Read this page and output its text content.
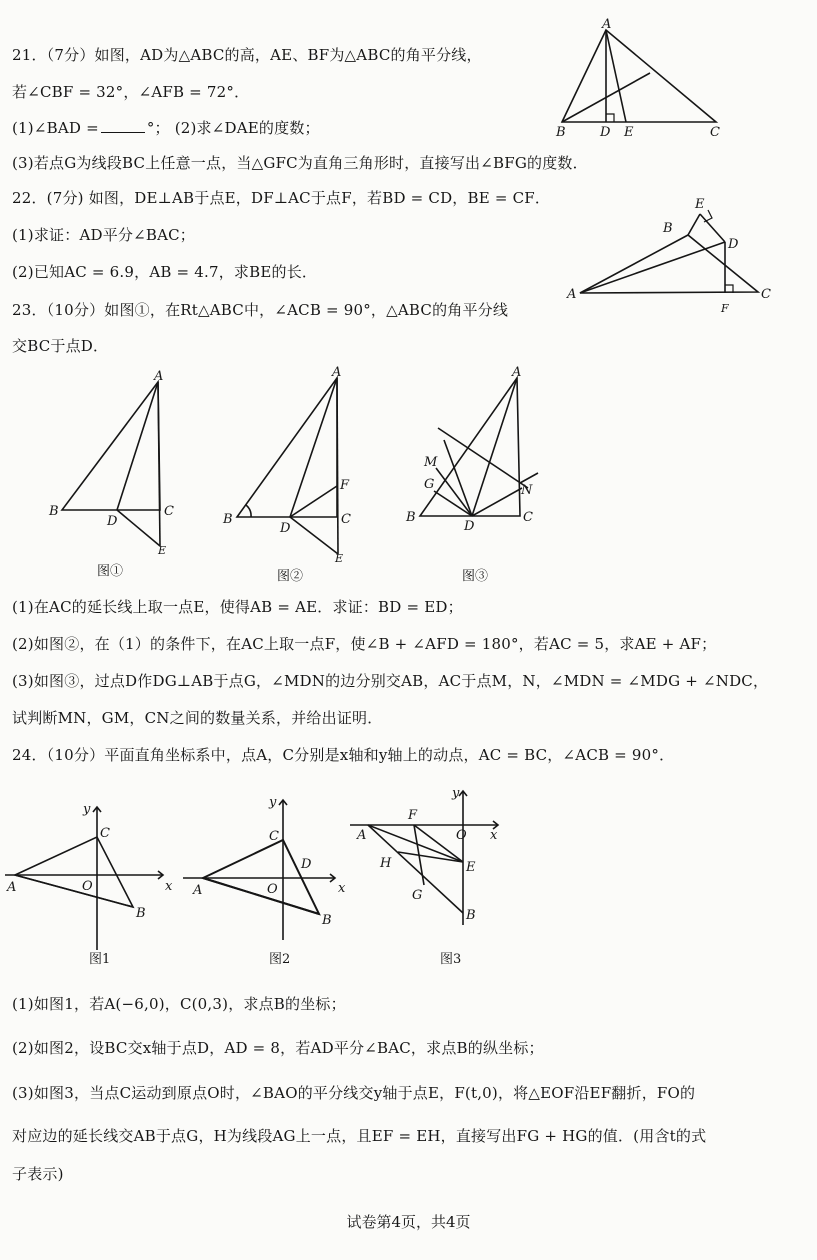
21．（7分）如图，AD为△ABC的高，AE、BF为△ABC的角平分线，
若∠CBF = 32°，∠AFB = 72°．
(1)∠BAD =	°； (2)求∠DAE的度数；
(3)若点G为线段BC上任意一点，当△GFC为直角三角形时，直接写出∠BFG的度数．
A
B	D E	C
22．(7分) 如图，DE⊥AB于点E，DF⊥AC于点F，若BD = CD，BE = CF．
(1)求证：AD平分∠BAC；
(2)已知AC = 6.9，AB = 4.7，求BE的长．
E
B
D
A	C
F
23．（10分）如图①，在Rt△ABC中，∠ACB = 90°，△ABC的角平分线
交BC于点D．
A
B
D
C
E
图①
A
F
B
D
C
E
图②
A
M
G	N
B
D
C
图③
(1)在AC的延长线上取一点E，使得AB = AE．求证：BD = ED；
(2)如图②，在（1）的条件下，在AC上取一点F，使∠B + ∠AFD = 180°，若AC = 5，求AE + AF；
(3)如图③，过点D作DG⊥AB于点G，∠MDN的边分别交AB，AC于点M，N，∠MDN = ∠MDG + ∠NDC，
试判断MN，GM，CN之间的数量关系，并给出证明．
24．（10分）平面直角坐标系中，点A，C分别是x轴和y轴上的动点，AC = BC，∠ACB = 90°．
y
C
A	O	x
B
图1
y
C
D
A	O	x
B
图2
y
F
A	O x
H	E
G
B
图3
(1)如图1，若A(−6,0)，C(0,3)，求点B的坐标；
(2)如图2，设BC交x轴于点D，AD = 8，若AD平分∠BAC，求点B的纵坐标；
(3)如图3，当点C运动到原点O时，∠BAO的平分线交y轴于点E，F(t,0)，将△EOF沿EF翻折，FO的
对应边的延长线交AB于点G，H为线段AG上一点，且EF = EH，直接写出FG + HG的值．(用含t的式
子表示)
试卷第4页，共4页
